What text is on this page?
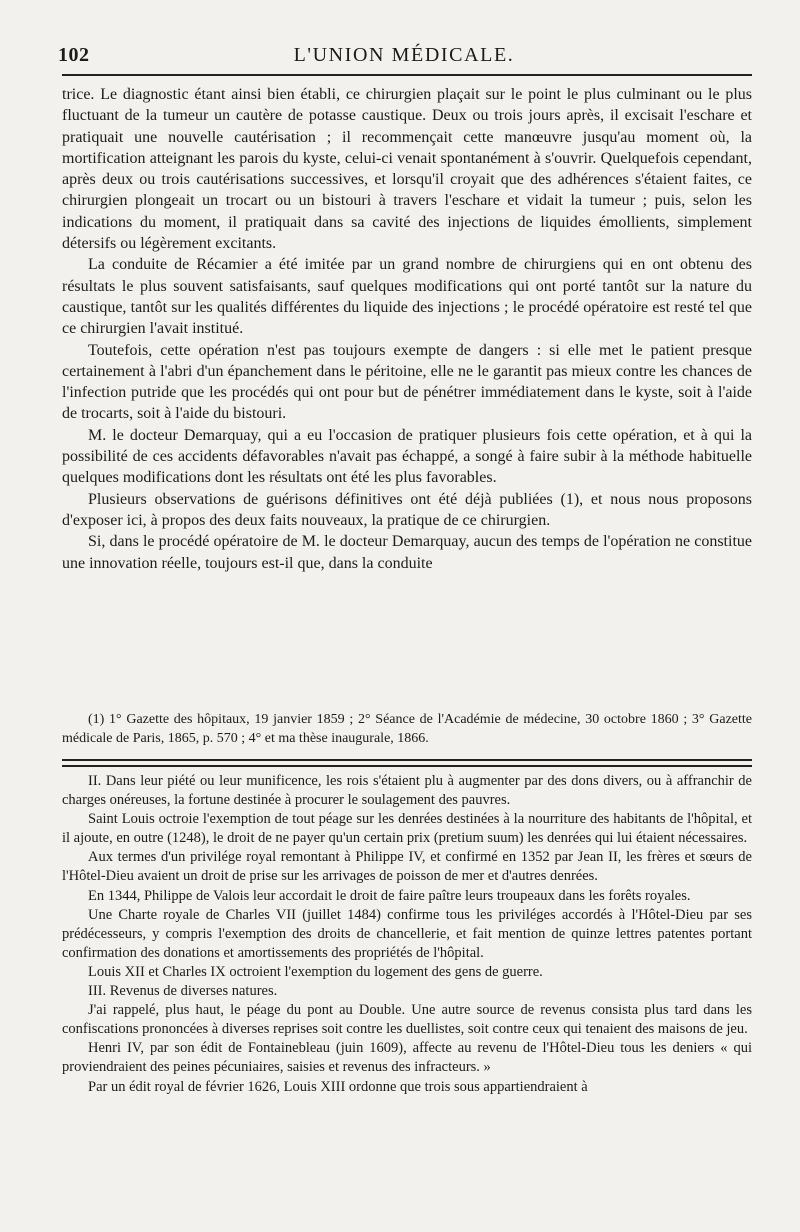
102	L'UNION MÉDICALE.

trice. Le diagnostic étant ainsi bien établi, ce chirurgien plaçait sur le point le plus culminant ou le plus fluctuant de la tumeur un cautère de potasse caustique. Deux ou trois jours après, il excisait l'eschare et pratiquait une nouvelle cautérisation ; il recommençait cette manœuvre jusqu'au moment où, la mortification atteignant les parois du kyste, celui-ci venait spontanément à s'ouvrir. Quelquefois cependant, après deux ou trois cautérisations successives, et lorsqu'il croyait que des adhérences s'étaient faites, ce chirurgien plongeait un trocart ou un bistouri à travers l'eschare et vidait la tumeur ; puis, selon les indications du moment, il pratiquait dans sa cavité des injections de liquides émollients, simplement détersifs ou légèrement excitants.

La conduite de Récamier a été imitée par un grand nombre de chirurgiens qui en ont obtenu des résultats le plus souvent satisfaisants, sauf quelques modifications qui ont porté tantôt sur la nature du caustique, tantôt sur les qualités différentes du liquide des injections ; le procédé opératoire est resté tel que ce chirurgien l'avait institué.

Toutefois, cette opération n'est pas toujours exempte de dangers : si elle met le patient presque certainement à l'abri d'un épanchement dans le péritoine, elle ne le garantit pas mieux contre les chances de l'infection putride que les procédés qui ont pour but de pénétrer immédiatement dans le kyste, soit à l'aide de trocarts, soit à l'aide du bistouri.

M. le docteur Demarquay, qui a eu l'occasion de pratiquer plusieurs fois cette opération, et à qui la possibilité de ces accidents défavorables n'avait pas échappé, a songé à faire subir à la méthode habituelle quelques modifications dont les résultats ont été les plus favorables.

Plusieurs observations de guérisons définitives ont été déjà publiées (1), et nous nous proposons d'exposer ici, à propos des deux faits nouveaux, la pratique de ce chirurgien.

Si, dans le procédé opératoire de M. le docteur Demarquay, aucun des temps de l'opération ne constitue une innovation réelle, toujours est-il que, dans la conduite

(1) 1° Gazette des hôpitaux, 19 janvier 1859 ; 2° Séance de l'Académie de médecine, 30 octobre 1860 ; 3° Gazette médicale de Paris, 1865, p. 570 ; 4° et ma thèse inaugurale, 1866.

II. Dans leur piété ou leur munificence, les rois s'étaient plu à augmenter par des dons divers, ou à affranchir de charges onéreuses, la fortune destinée à procurer le soulagement des pauvres.

Saint Louis octroie l'exemption de tout péage sur les denrées destinées à la nourriture des habitants de l'hôpital, et il ajoute, en outre (1248), le droit de ne payer qu'un certain prix (pretium suum) les denrées qui lui étaient nécessaires.

Aux termes d'un privilége royal remontant à Philippe IV, et confirmé en 1352 par Jean II, les frères et sœurs de l'Hôtel-Dieu avaient un droit de prise sur les arrivages de poisson de mer et d'autres denrées.

En 1344, Philippe de Valois leur accordait le droit de faire paître leurs troupeaux dans les forêts royales.

Une Charte royale de Charles VII (juillet 1484) confirme tous les priviléges accordés à l'Hôtel-Dieu par ses prédécesseurs, y compris l'exemption des droits de chancellerie, et fait mention de quinze lettres patentes portant confirmation des donations et amortissements des propriétés de l'hôpital.

Louis XII et Charles IX octroient l'exemption du logement des gens de guerre.

III. Revenus de diverses natures.

J'ai rappelé, plus haut, le péage du pont au Double. Une autre source de revenus consista plus tard dans les confiscations prononcées à diverses reprises soit contre les duellistes, soit contre ceux qui tenaient des maisons de jeu.

Henri IV, par son édit de Fontainebleau (juin 1609), affecte au revenu de l'Hôtel-Dieu tous les deniers « qui proviendraient des peines pécuniaires, saisies et revenus des infracteurs. »

Par un édit royal de février 1626, Louis XIII ordonne que trois sous appartiendraient à
